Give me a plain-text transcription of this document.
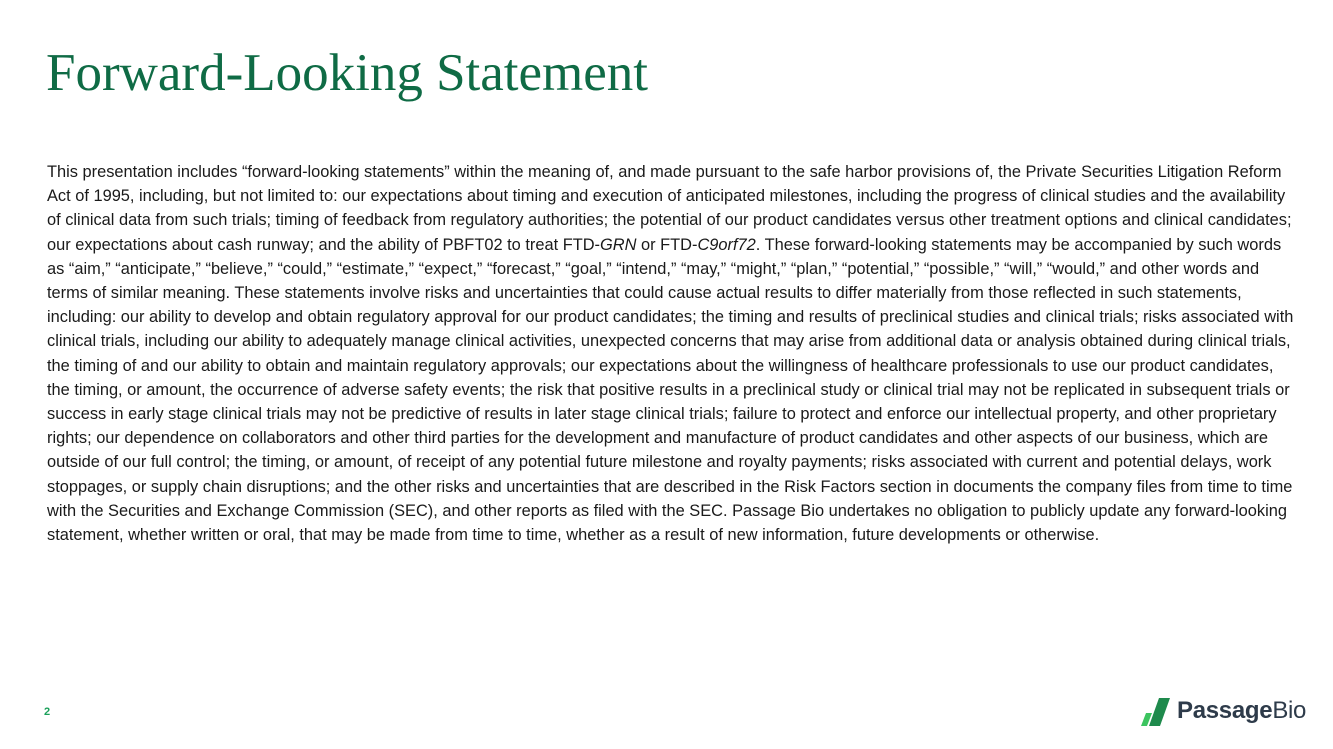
Forward-Looking Statement

This presentation includes “forward-looking statements” within the meaning of, and made pursuant to the safe harbor provisions of, the Private Securities Litigation Reform Act of 1995, including, but not limited to: our expectations about timing and execution of anticipated milestones, including the progress of clinical studies and the availability of clinical data from such trials; timing of feedback from regulatory authorities; the potential of our product candidates versus other treatment options and clinical candidates; our expectations about cash runway; and the ability of PBFT02 to treat FTD-GRN or FTD-C9orf72. These forward-looking statements may be accompanied by such words as “aim,” “anticipate,” “believe,” “could,” “estimate,” “expect,” “forecast,” “goal,” “intend,” “may,” “might,” “plan,” “potential,” “possible,” “will,” “would,” and other words and terms of similar meaning. These statements involve risks and uncertainties that could cause actual results to differ materially from those reflected in such statements, including: our ability to develop and obtain regulatory approval for our product candidates; the timing and results of preclinical studies and clinical trials; risks associated with clinical trials, including our ability to adequately manage clinical activities, unexpected concerns that may arise from additional data or analysis obtained during clinical trials, the timing of and our ability to obtain and maintain regulatory approvals; our expectations about the willingness of healthcare professionals to use our product candidates, the timing, or amount, the occurrence of adverse safety events; the risk that positive results in a preclinical study or clinical trial may not be replicated in subsequent trials or success in early stage clinical trials may not be predictive of results in later stage clinical trials; failure to protect and enforce our intellectual property, and other proprietary rights; our dependence on collaborators and other third parties for the development and manufacture of product candidates and other aspects of our business, which are outside of our full control; the timing, or amount, of receipt of any potential future milestone and royalty payments; risks associated with current and potential delays, work stoppages, or supply chain disruptions; and the other risks and uncertainties that are described in the Risk Factors section in documents the company files from time to time with the Securities and Exchange Commission (SEC), and other reports as filed with the SEC. Passage Bio undertakes no obligation to publicly update any forward-looking statement, whether written or oral, that may be made from time to time, whether as a result of new information, future developments or otherwise.

2	PassageBio
